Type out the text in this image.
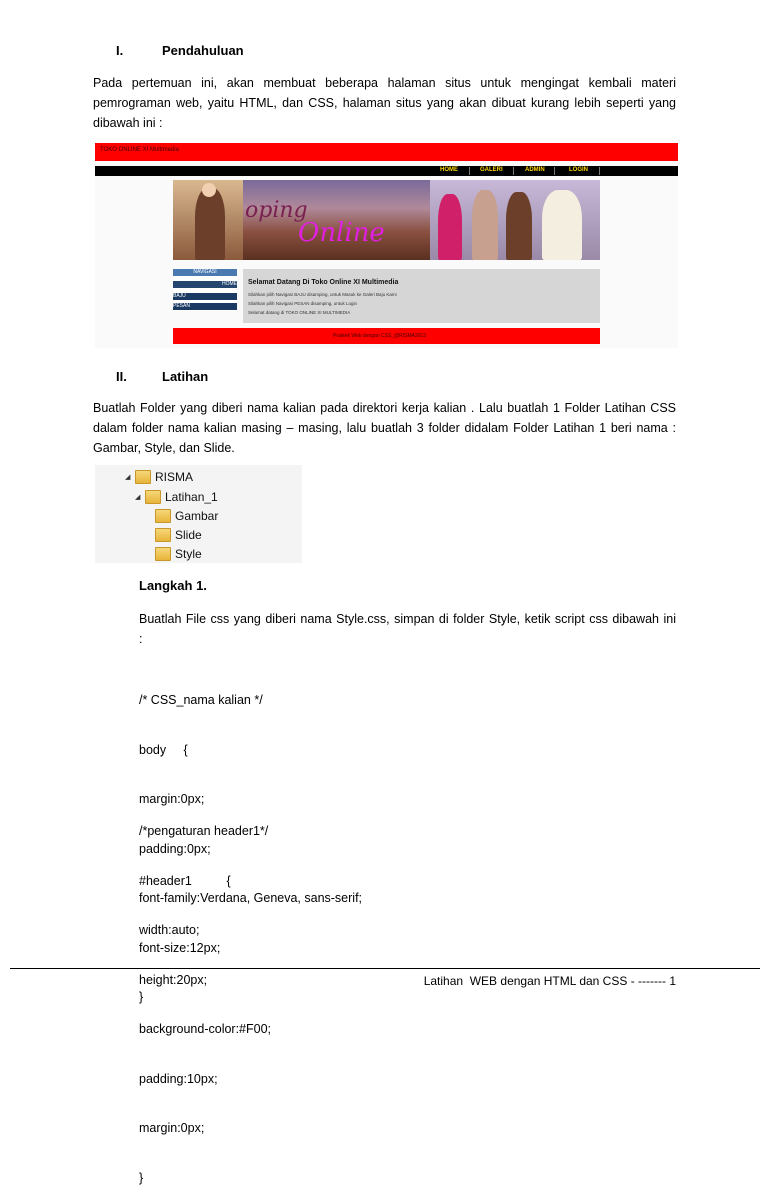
I.	Pendahuluan
Pada pertemuan ini, akan membuat beberapa halaman situs untuk mengingat kembali materi
pemrograman web, yaitu HTML, dan CSS, halaman situs yang akan dibuat kurang lebih seperti yang
dibawah ini :
TOKO ONLINE XI Multimedia
HOME	GALERI	ADMIN	LOGIN
oping
Online
NAVIGASI
HOME
BAJU
PESAN
Selamat Datang Di Toko Online XI Multimedia
Silahkan pilih Navigasi BAJU disamping, untuk Masuk ke Galeri Baju Kami
Silahkan pilih Navigasi PESAN disamping, untuk Login
Selamat datang di TOKO ONLINE XI MULTIMEDIA
Praktek Web dengan CSS_@RISMA2013
II.	Latihan
Buatlah Folder yang diberi nama kalian pada direktori kerja kalian . Lalu buatlah 1 Folder Latihan CSS
dalam folder nama kalian masing – masing, lalu buatlah 3 folder didalam Folder Latihan 1 beri nama :
Gambar, Style, dan Slide.
◢ RISMA
◢ Latihan_1
Gambar
Slide
Style
Langkah 1.
Buatlah File css yang diberi nama Style.css, simpan di folder Style, ketik script css dibawah ini
:

/* CSS_nama kalian */

body     {

margin:0px;

padding:0px;

font-family:Verdana, Geneva, sans-serif;

font-size:12px;

}

/*pengaturan header1*/

#header1          {

width:auto;

height:20px;

background-color:#F00;

padding:10px;

margin:0px;

}

Latihan  WEB dengan HTML dan CSS - ------- 1
